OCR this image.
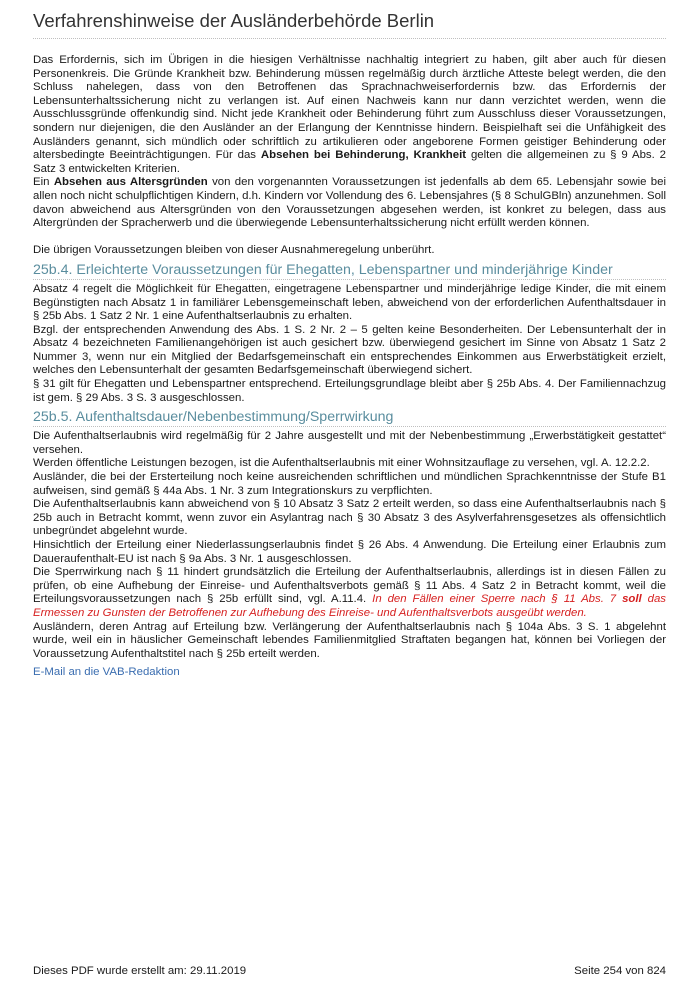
Verfahrenshinweise der Ausländerbehörde Berlin

Das Erfordernis, sich im Übrigen in die hiesigen Verhältnisse nachhaltig integriert zu haben, gilt aber auch für diesen Personenkreis. Die Gründe Krankheit bzw. Behinderung müssen regelmäßig durch ärztliche Atteste belegt werden, die den Schluss nahelegen, dass von den Betroffenen das Sprachnachweiserfordernis bzw. das Erfordernis der Lebensunterhaltssicherung nicht zu verlangen ist. Auf einen Nachweis kann nur dann verzichtet werden, wenn die Ausschlussgründe offenkundig sind. Nicht jede Krankheit oder Behinderung führt zum Ausschluss dieser Voraussetzungen, sondern nur diejenigen, die den Ausländer an der Erlangung der Kenntnisse hindern. Beispielhaft sei die Unfähigkeit des Ausländers genannt, sich mündlich oder schriftlich zu artikulieren oder angeborene Formen geistiger Behinderung oder altersbedingte Beeinträchtigungen. Für das Absehen bei Behinderung, Krankheit gelten die allgemeinen zu § 9 Abs. 2 Satz 3 entwickelten Kriterien.

Ein Absehen aus Altersgründen von den vorgenannten Voraussetzungen ist jedenfalls ab dem 65. Lebensjahr sowie bei allen noch nicht schulpflichtigen Kindern, d.h. Kindern vor Vollendung des 6. Lebensjahres (§ 8 SchulGBln) anzunehmen. Soll davon abweichend aus Altersgründen von den Voraussetzungen abgesehen werden, ist konkret zu belegen, dass aus Altergründen der Spracherwerb und die überwiegende Lebensunterhaltssicherung nicht erfüllt werden können.

Die übrigen Voraussetzungen bleiben von dieser Ausnahmeregelung unberührt.

25b.4. Erleichterte Voraussetzungen für Ehegatten, Lebenspartner und minderjährige Kinder

Absatz 4 regelt die Möglichkeit für Ehegatten, eingetragene Lebenspartner und minderjährige ledige Kinder, die mit einem Begünstigten nach Absatz 1 in familiärer Lebensgemeinschaft leben, abweichend von der erforderlichen Aufenthaltsdauer in § 25b Abs. 1 Satz 2 Nr. 1 eine Aufenthaltserlaubnis zu erhalten.

Bzgl. der entsprechenden Anwendung des Abs. 1 S. 2 Nr. 2 – 5 gelten keine Besonderheiten. Der Lebensunterhalt der in Absatz 4 bezeichneten Familienangehörigen ist auch gesichert bzw. überwiegend gesichert im Sinne von Absatz 1 Satz 2 Nummer 3, wenn nur ein Mitglied der Bedarfsgemeinschaft ein entsprechendes Einkommen aus Erwerbstätigkeit erzielt, welches den Lebensunterhalt der gesamten Bedarfsgemeinschaft überwiegend sichert.

§ 31 gilt für Ehegatten und Lebenspartner entsprechend. Erteilungsgrundlage bleibt aber § 25b Abs. 4. Der Familiennachzug ist gem. § 29 Abs. 3 S. 3 ausgeschlossen.

25b.5. Aufenthaltsdauer/Nebenbestimmung/Sperrwirkung

Die Aufenthaltserlaubnis wird regelmäßig für 2 Jahre ausgestellt und mit der Nebenbestimmung „Erwerbstätigkeit gestattet“ versehen.

Werden öffentliche Leistungen bezogen, ist die Aufenthaltserlaubnis mit einer Wohnsitzauflage zu versehen, vgl. A. 12.2.2.

Ausländer, die bei der Ersterteilung noch keine ausreichenden schriftlichen und mündlichen Sprachkenntnisse der Stufe B1 aufweisen, sind gemäß § 44a Abs. 1 Nr. 3 zum Integrationskurs zu verpflichten.

Die Aufenthaltserlaubnis kann abweichend von § 10 Absatz 3 Satz 2 erteilt werden, so dass eine Aufenthaltserlaubnis nach § 25b auch in Betracht kommt, wenn zuvor ein Asylantrag nach § 30 Absatz 3 des Asylverfahrensgesetzes als offensichtlich unbegründet abgelehnt wurde.

Hinsichtlich der Erteilung einer Niederlassungserlaubnis findet § 26 Abs. 4 Anwendung. Die Erteilung einer Erlaubnis zum Daueraufenthalt-EU ist nach § 9a Abs. 3 Nr. 1 ausgeschlossen.

Die Sperrwirkung nach § 11 hindert grundsätzlich die Erteilung der Aufenthaltserlaubnis, allerdings ist in diesen Fällen zu prüfen, ob eine Aufhebung der Einreise- und Aufenthaltsverbots gemäß § 11 Abs. 4 Satz 2 in Betracht kommt, weil die Erteilungsvoraussetzungen nach § 25b erfüllt sind, vgl. A.11.4. In den Fällen einer Sperre nach § 11 Abs. 7 soll das Ermessen zu Gunsten der Betroffenen zur Aufhebung des Einreise- und Aufenthaltsverbots ausgeübt werden.

Ausländern, deren Antrag auf Erteilung bzw. Verlängerung der Aufenthaltserlaubnis nach § 104a Abs. 3 S. 1 abgelehnt wurde, weil ein in häuslicher Gemeinschaft lebendes Familienmitglied Straftaten begangen hat, können bei Vorliegen der Voraussetzung Aufenthaltstitel nach § 25b erteilt werden.

E-Mail an die VAB-Redaktion
Dieses PDF wurde erstellt am: 29.11.2019	Seite 254 von 824
